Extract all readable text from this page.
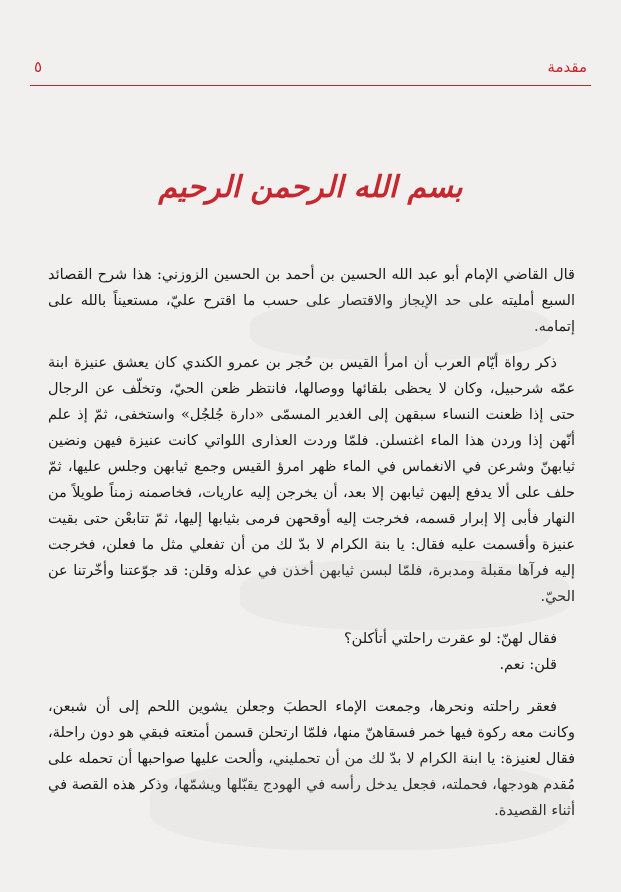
مقدمة
٥
بسم الله الرحمن الرحيم

قال القاضي الإمام أبو عبد الله الحسين بن أحمد بن الحسين الزوزني: هذا شرح القصائد السبع أمليته على حد الإيجاز والاقتصار على حسب ما اقترح عليّ، مستعيناً بالله على إتمامه.

ذكر رواة أيّام العرب أن امرأ القيس بن حُجر بن عمرو الكندي كان يعشق عنيزة ابنة عمّه شرحبيل، وكان لا يحظى بلقائها ووصالها، فانتظر ظعن الحيّ، وتخلّف عن الرجال حتى إذا ظعنت النساء سبقهن إلى الغدير المسمّى «دارة جُلجُل» واستخفى، ثمّ إذ علم أنّهن إذا وردن هذا الماء اغتسلن. فلمّا وردت العذارى اللواتي كانت عنيزة فيهن ونضين ثيابهنّ وشرعن في الانغماس في الماء ظهر امرؤ القيس وجمع ثيابهن وجلس عليها، ثمّ حلف على ألا يدفع إليهن ثيابهن إلا بعد، أن يخرجن إليه عاريات، فخاصمنه زمناً طويلاً من النهار فأبى إلا إبرار قسمه، فخرجت إليه أوقحهن فرمى بثيابها إليها، ثمّ تتابعْن حتى بقيت عنيزة وأقسمت عليه فقال: يا بنة الكرام لا بدّ لك من أن تفعلي مثل ما فعلن، فخرجت إليه فرآها مقبلة ومدبرة، فلمّا لبسن ثيابهن أخذن في عذله وقلن: قد جوّعتنا وأخّرتنا عن الحيّ.

فقال لهنّ: لو عقرت راحلتي أتأكلن؟

قلن: نعم.

فعقر راحلته ونحرها، وجمعت الإماء الحطبَ وجعلن يشوين اللحم إلى أن شبعن، وكانت معه ركوة فيها خمر فسقاهنّ منها، فلمّا ارتحلن قسمن أمتعته فبقي هو دون راحلة، فقال لعنيزة: يا ابنة الكرام لا بدّ لك من أن تحمليني، وألحت عليها صواحبها أن تحمله على مُقدم هودجها، فحملته، فجعل يدخل رأسه في الهودج يقبّلها ويشمّها، وذكر هذه القصة في أثناء القصيدة.
